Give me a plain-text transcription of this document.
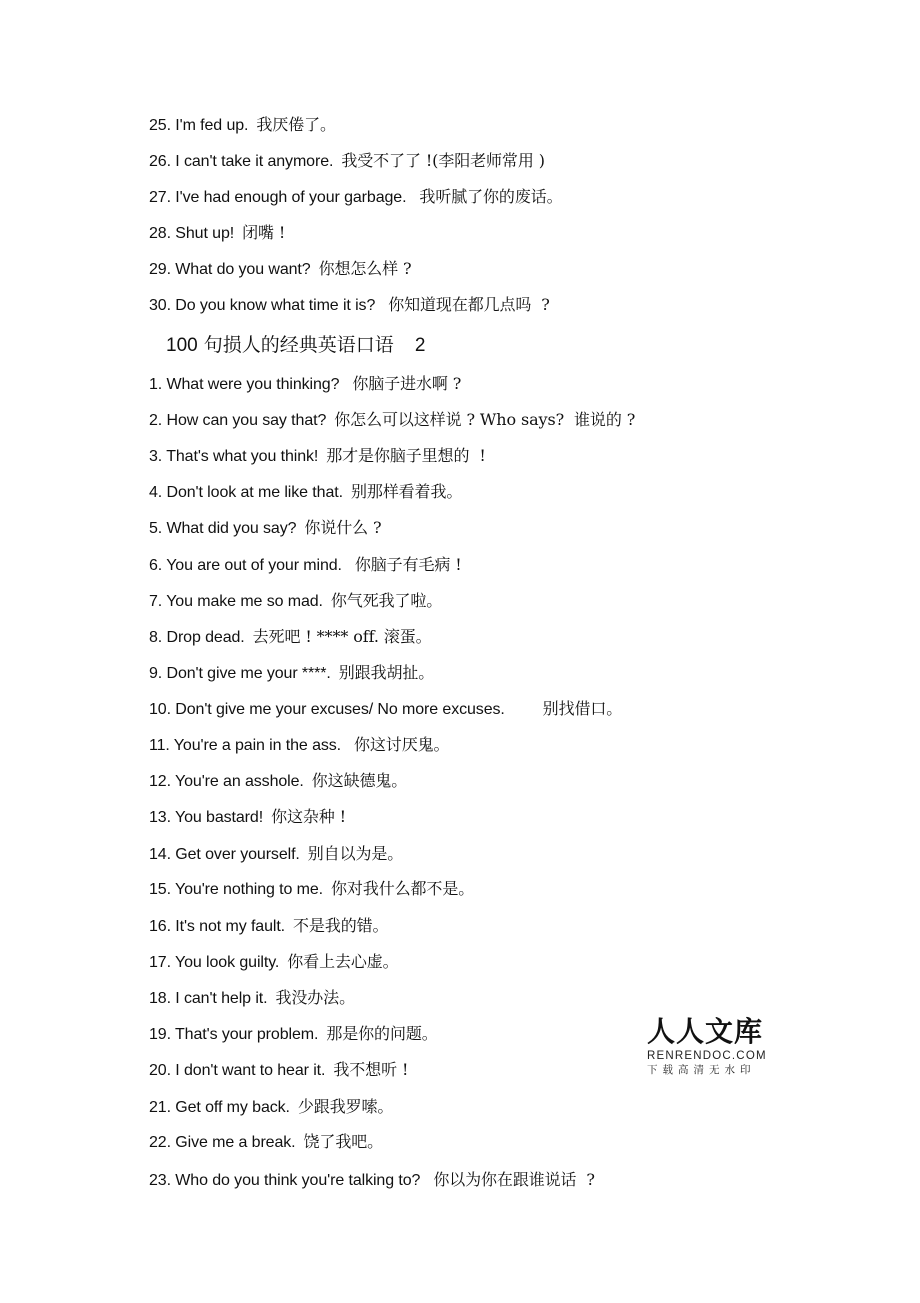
25. I'm fed up. 我厌倦了。
26. I can't take it anymore. 我受不了了 !(李阳老师常用 )
27. I've had enough of your garbage. 我听腻了你的废话。
28. Shut up! 闭嘴 !
29. What do you want? 你想怎么样 ?
30. Do you know what time it is? 你知道现在都几点吗  ?
100 句损人的经典英语口语    2
1. What were you thinking? 你脑子进水啊 ?
2. How can you say that? 你怎么可以这样说 ? Who says?  谁说的 ?
3. That's what you think! 那才是你脑子里想的  !
4. Don't look at me like that. 别那样看着我。
5. What did you say? 你说什么 ?
6. You are out of your mind. 你脑子有毛病 !
7. You make me so mad. 你气死我了啦。
8. Drop dead. 去死吧 ! **** off. 滚蛋。
9. Don't give me your ****. 别跟我胡扯。
10. Don't give me your excuses/ No more excuses.      别找借口。
11. You're a pain in the ass. 你这讨厌鬼。
12. You're an asshole. 你这缺德鬼。
13. You bastard! 你这杂种 !
14. Get over yourself. 别自以为是。
15. You're nothing to me. 你对我什么都不是。
16. It's not my fault. 不是我的错。
17. You look guilty. 你看上去心虚。
18. I can't help it. 我没办法。
19. That's your problem. 那是你的问题。
20. I don't want to hear it. 我不想听 !
21. Get off my back. 少跟我罗嗦。
22. Give me a break. 饶了我吧。
23. Who do you think you're talking to? 你以为你在跟谁说话  ?
人人文库
RENRENDOC.COM
下载高清无水印
